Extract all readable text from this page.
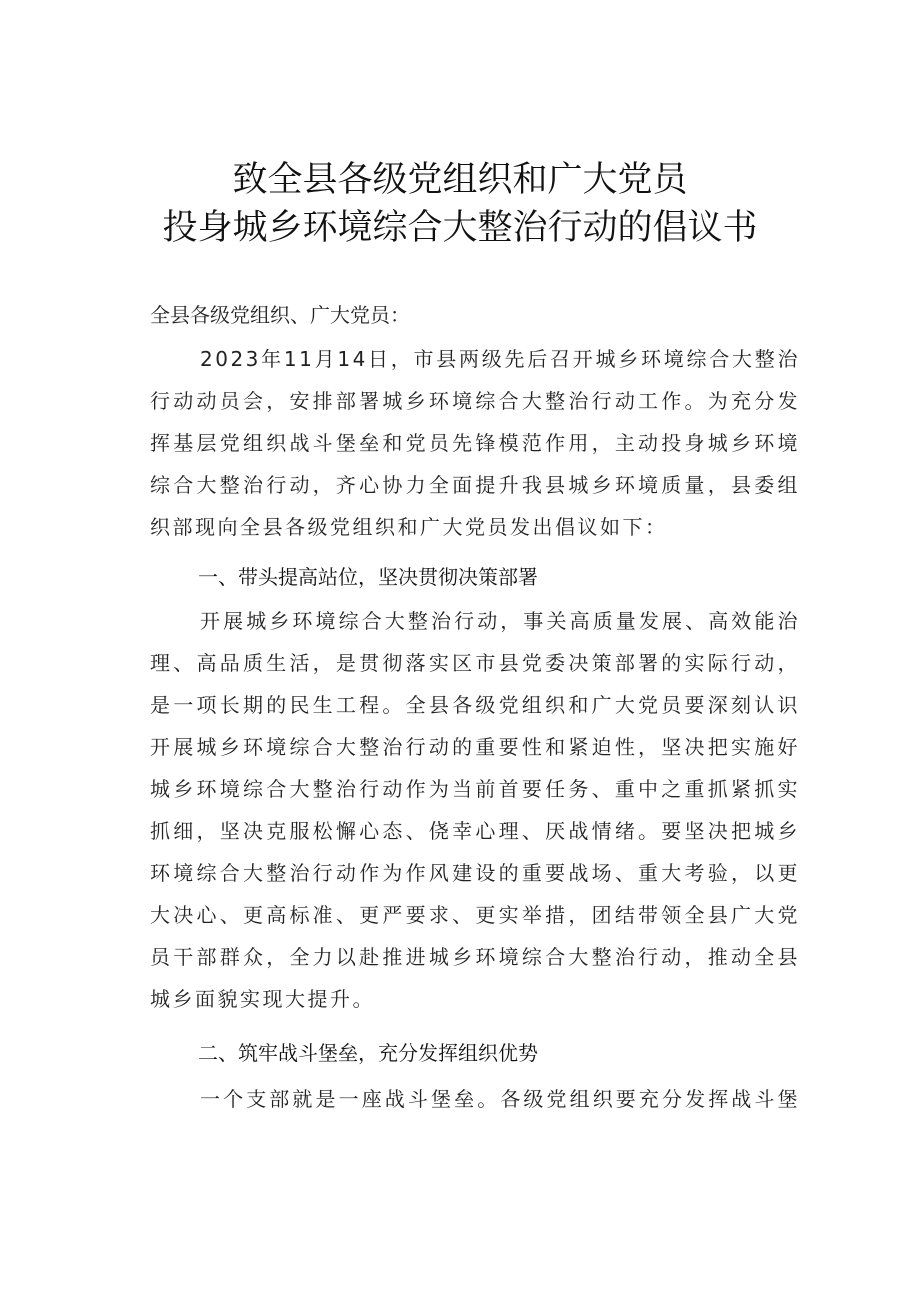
致全县各级党组织和广大党员
投身城乡环境综合大整治行动的倡议书
全县各级党组织、广大党员：
2023年11月14日，市县两级先后召开城乡环境综合大整治
行动动员会，安排部署城乡环境综合大整治行动工作。为充分发
挥基层党组织战斗堡垒和党员先锋模范作用，主动投身城乡环境
综合大整治行动，齐心协力全面提升我县城乡环境质量，县委组
织部现向全县各级党组织和广大党员发出倡议如下：
一、带头提高站位，坚决贯彻决策部署
开展城乡环境综合大整治行动，事关高质量发展、高效能治
理、高品质生活，是贯彻落实区市县党委决策部署的实际行动，
是一项长期的民生工程。全县各级党组织和广大党员要深刻认识
开展城乡环境综合大整治行动的重要性和紧迫性，坚决把实施好
城乡环境综合大整治行动作为当前首要任务、重中之重抓紧抓实
抓细，坚决克服松懈心态、侥幸心理、厌战情绪。要坚决把城乡
环境综合大整治行动作为作风建设的重要战场、重大考验，以更
大决心、更高标准、更严要求、更实举措，团结带领全县广大党
员干部群众，全力以赴推进城乡环境综合大整治行动，推动全县
城乡面貌实现大提升。
二、筑牢战斗堡垒，充分发挥组织优势
一个支部就是一座战斗堡垒。各级党组织要充分发挥战斗堡
